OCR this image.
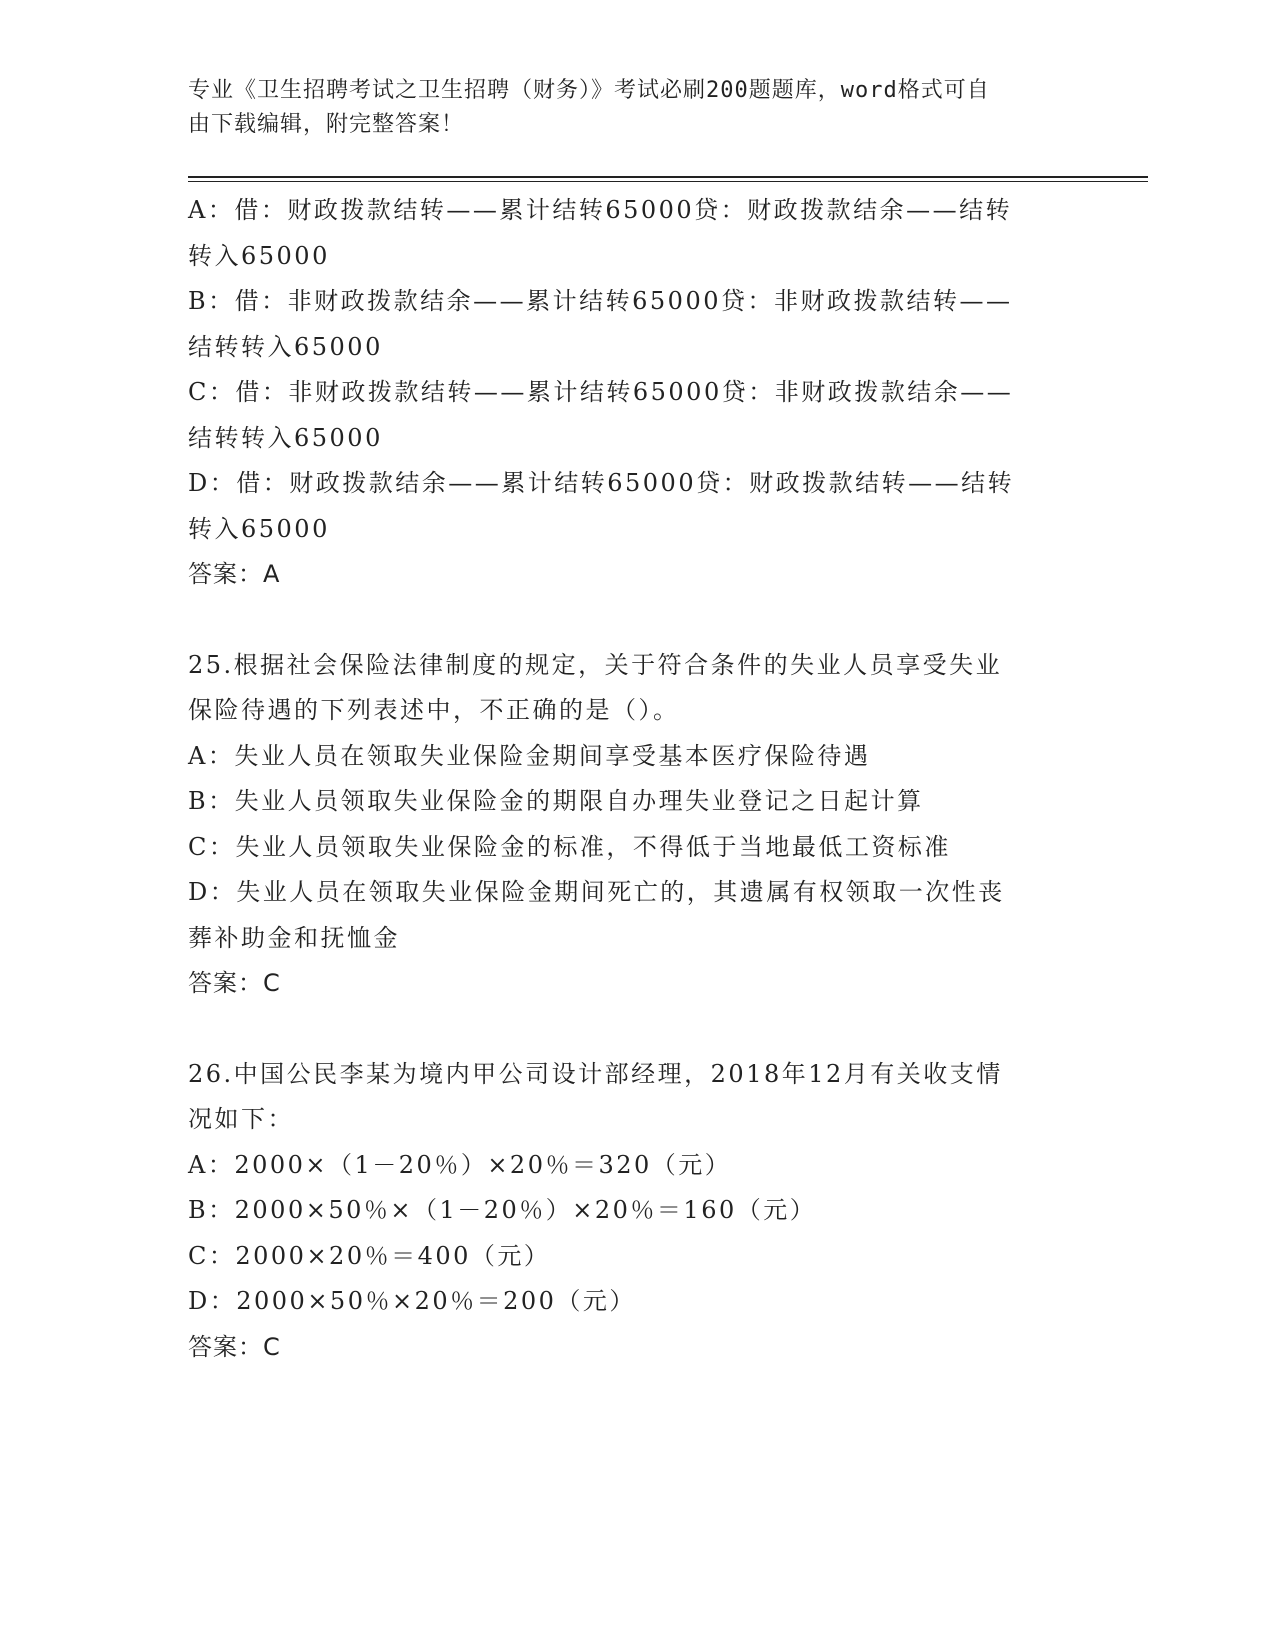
专业《卫生招聘考试之卫生招聘（财务）》考试必刷200题题库，word格式可自
由下载编辑，附完整答案！
A：借：财政拨款结转——累计结转65000贷：财政拨款结余——结转
转入65000
B：借：非财政拨款结余——累计结转65000贷：非财政拨款结转——
结转转入65000
C：借：非财政拨款结转——累计结转65000贷：非财政拨款结余——
结转转入65000
D：借：财政拨款结余——累计结转65000贷：财政拨款结转——结转
转入65000
答案：A
25.根据社会保险法律制度的规定，关于符合条件的失业人员享受失业
保险待遇的下列表述中，不正确的是（）。
A：失业人员在领取失业保险金期间享受基本医疗保险待遇
B：失业人员领取失业保险金的期限自办理失业登记之日起计算
C：失业人员领取失业保险金的标准，不得低于当地最低工资标准
D：失业人员在领取失业保险金期间死亡的，其遗属有权领取一次性丧
葬补助金和抚恤金
答案：C
26.中国公民李某为境内甲公司设计部经理，2018年12月有关收支情
况如下：
A：2000×（1－20％）×20％＝320（元）
B：2000×50％×（1－20％）×20％＝160（元）
C：2000×20％＝400（元）
D：2000×50％×20％＝200（元）
答案：C
